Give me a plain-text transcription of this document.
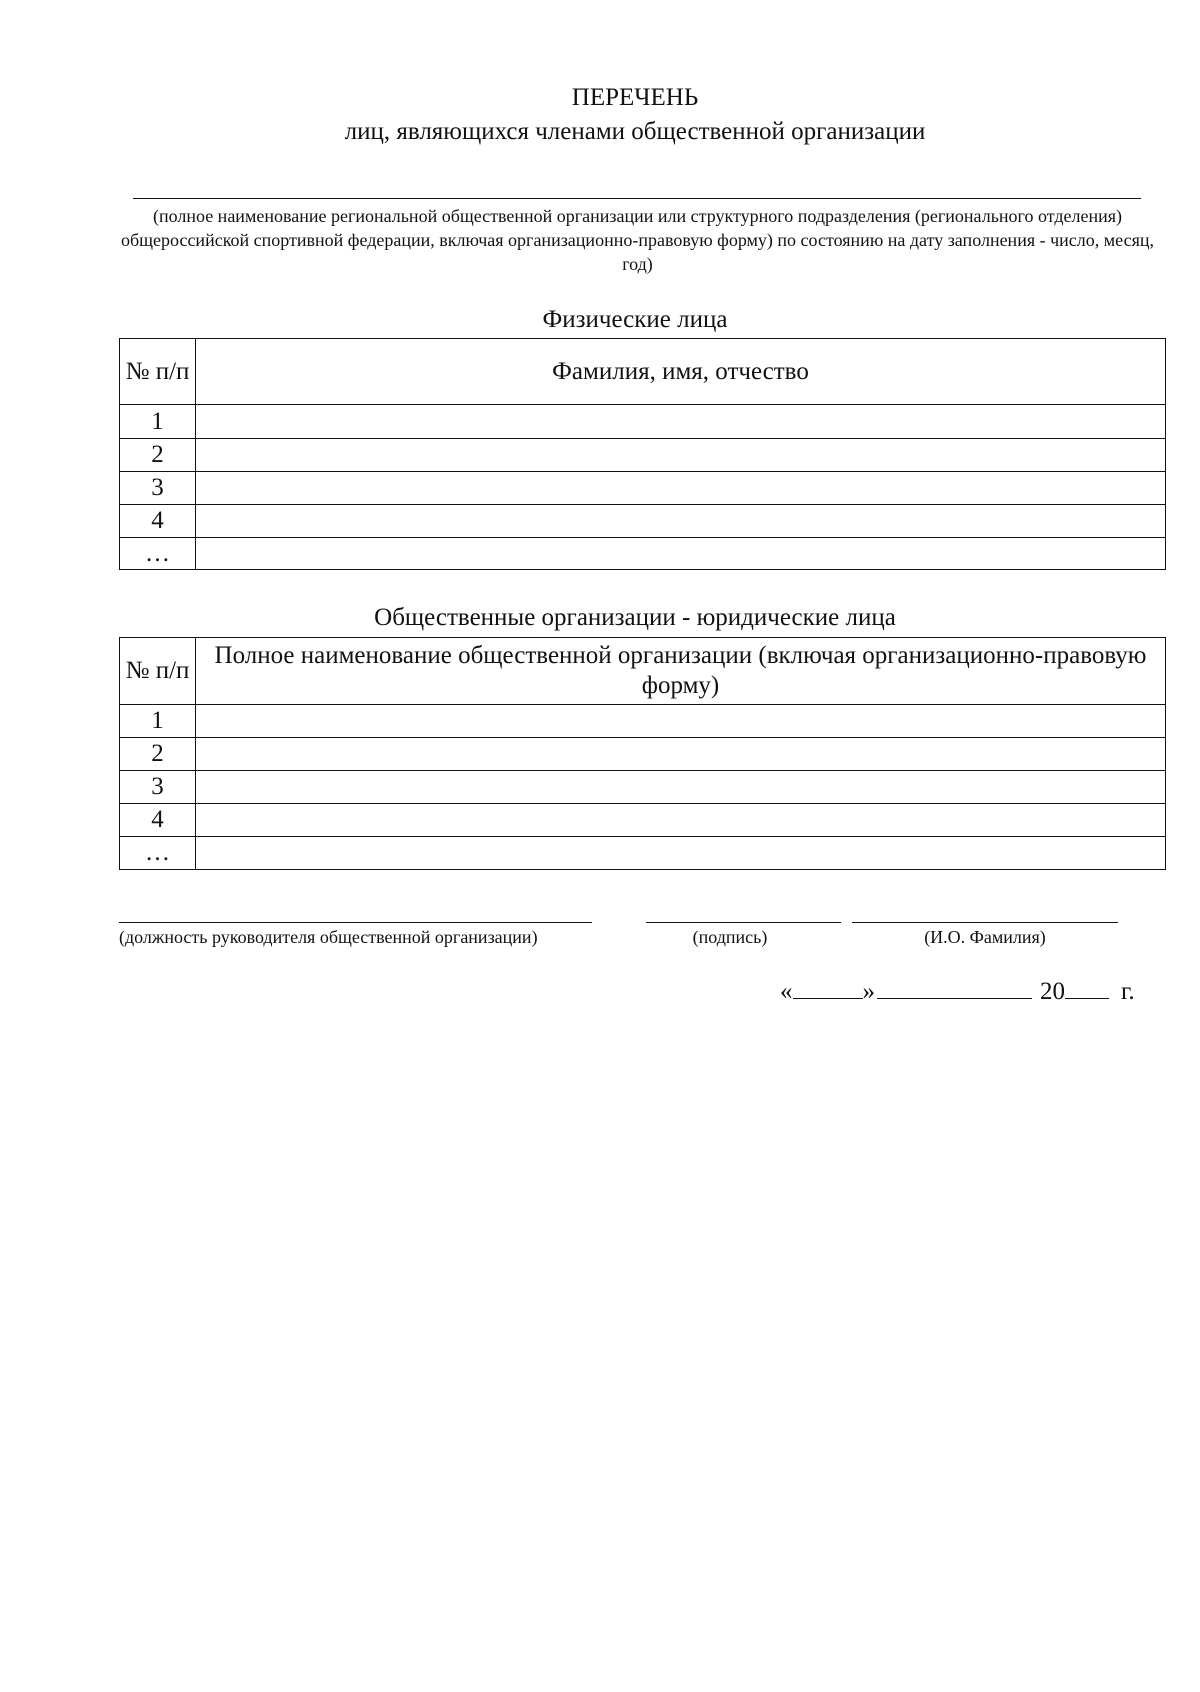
ПЕРЕЧЕНЬ
лиц, являющихся членами общественной организации
(полное наименование региональной общественной организации или структурного подразделения (регионального отделения) общероссийской спортивной федерации, включая организационно-правовую форму) по состоянию на дату заполнения - число, месяц, год)
Физические лица
№ п/п	Фамилия, имя, отчество
1	
2	
3	
4	
…	
Общественные организации - юридические лица
№ п/п	Полное наименование общественной организации (включая организационно-правовую форму)
1	
2	
3	
4	
…	
(должность руководителя общественной организации)	(подпись)	(И.О. Фамилия)
«	»	20 г.
